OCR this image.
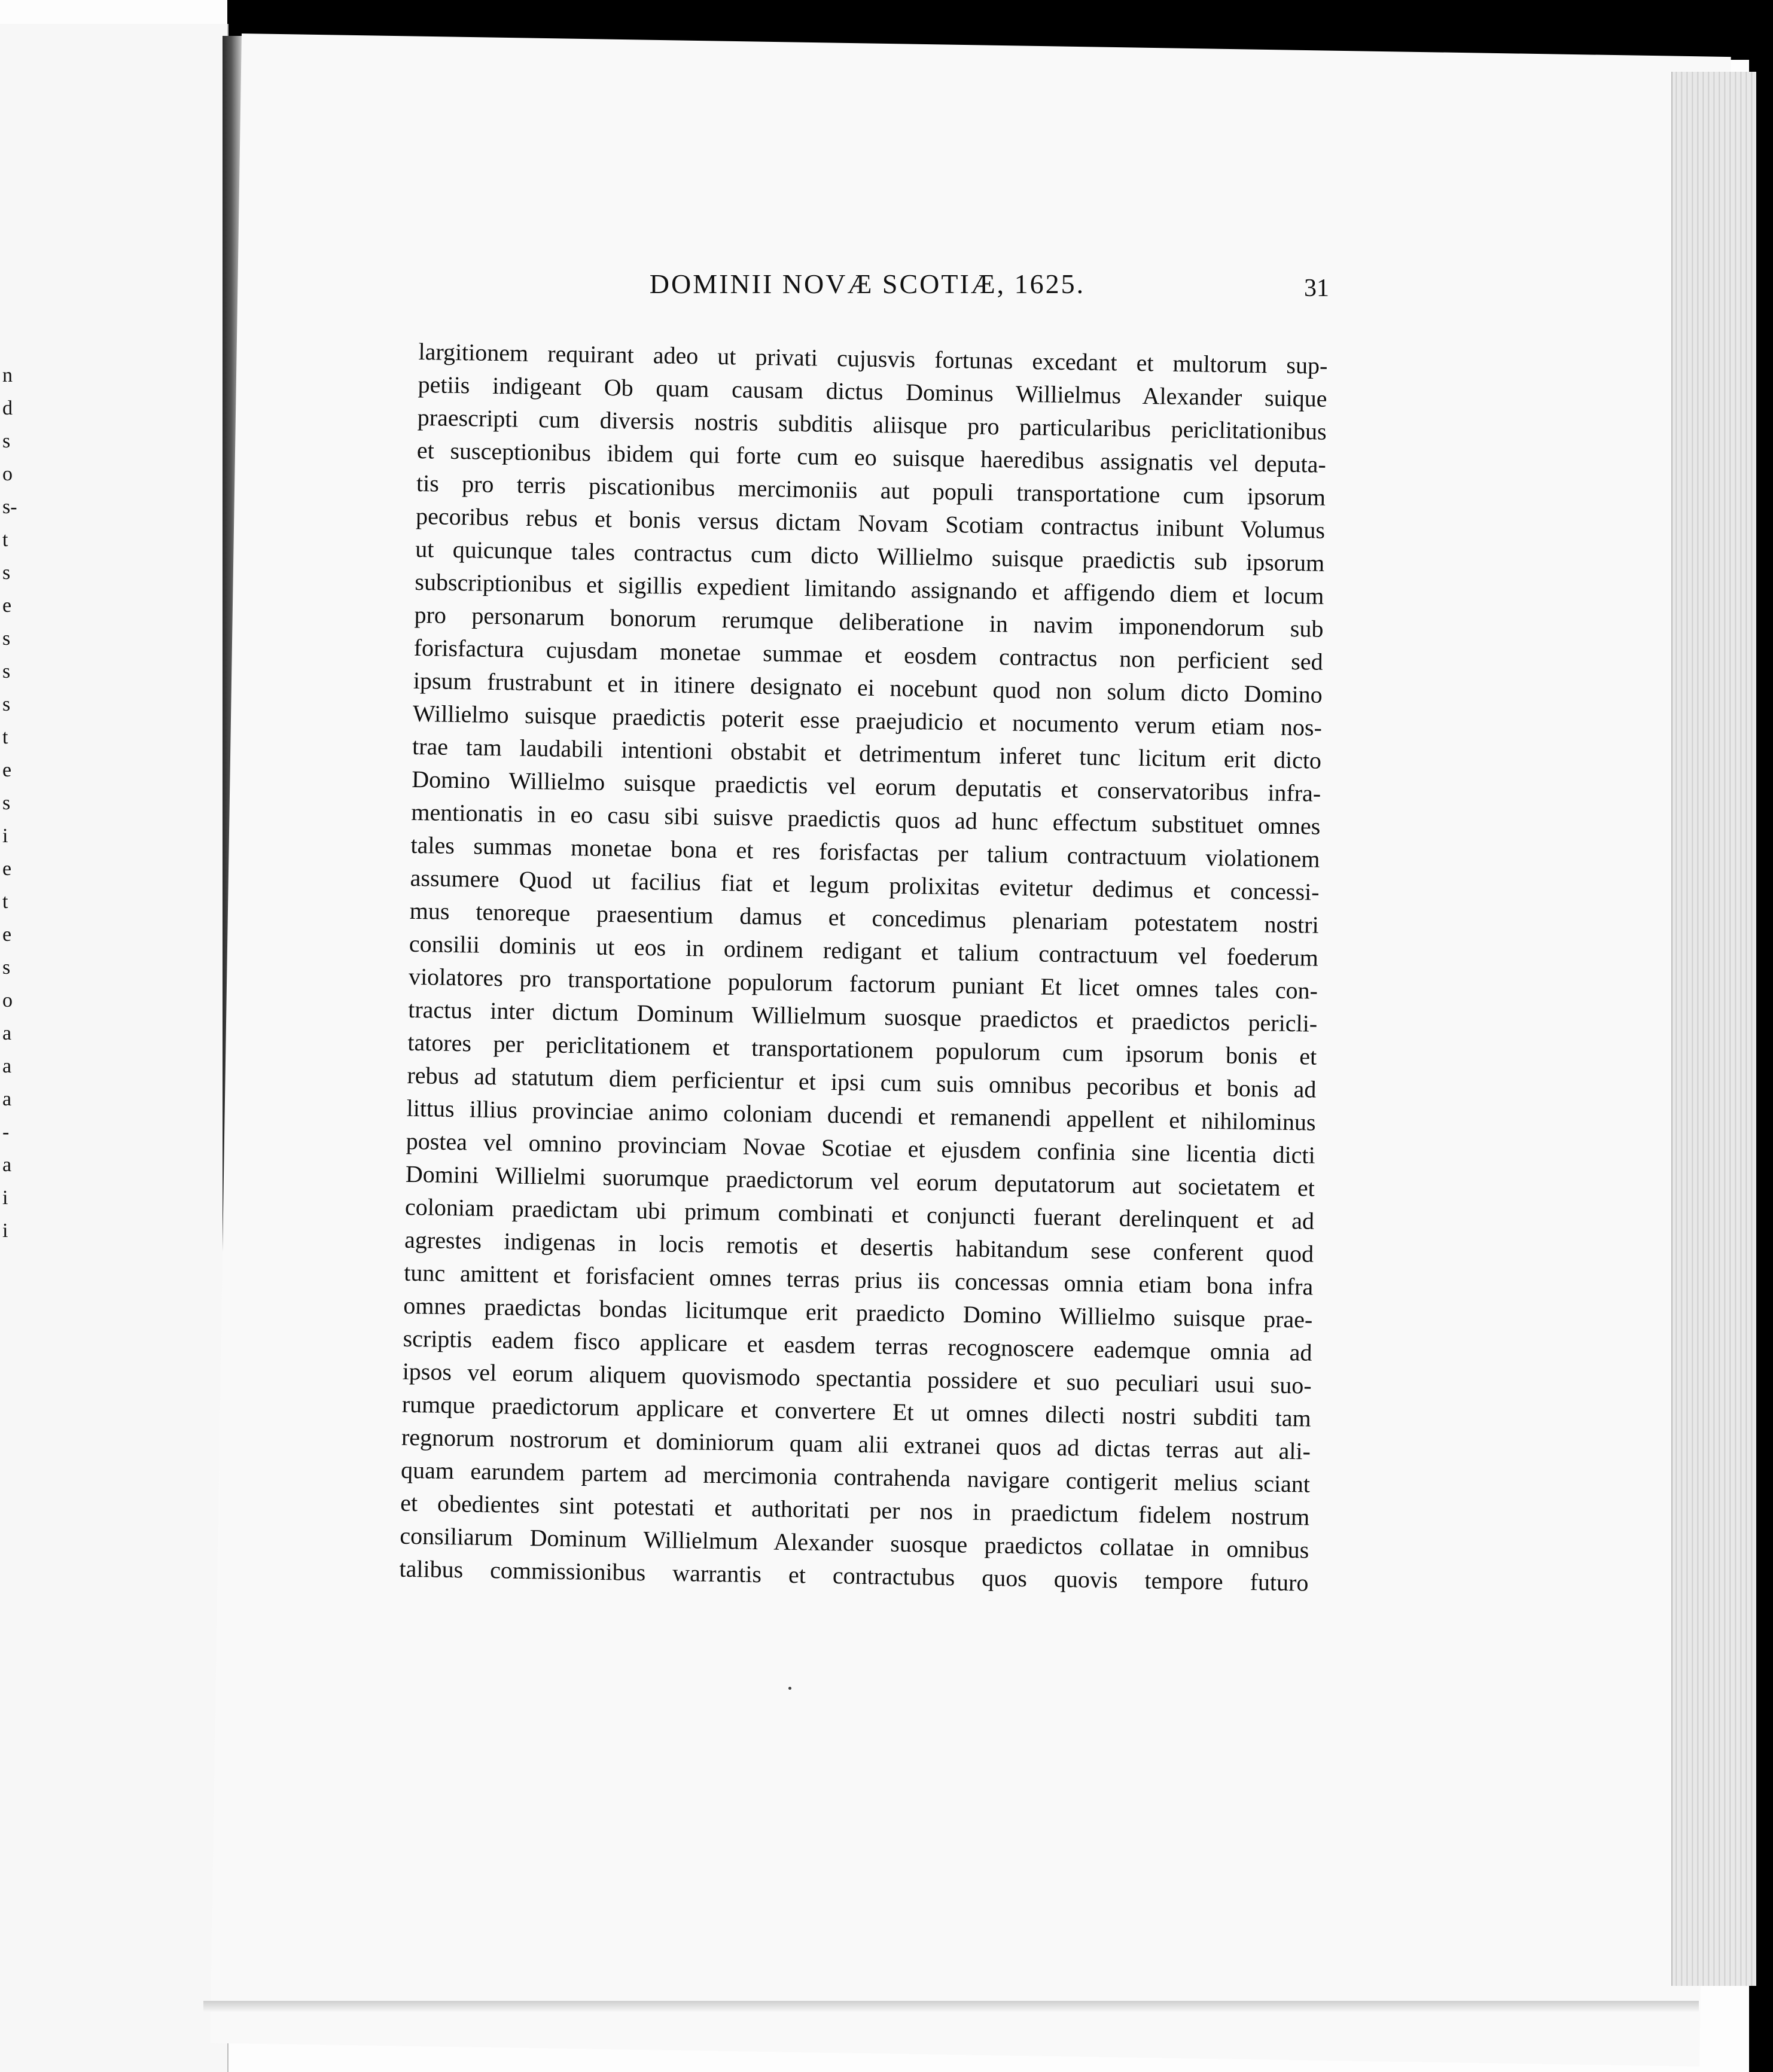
n
d
s
o
s-
t
s
e
s
s
s
t
e
s
i
e
t
e
s
o
a
a
a
-
a
i
i
DOMINII NOVÆ SCOTIÆ, 1625.	31
largitionem requirant adeo ut privati cujusvis fortunas excedant et multorum sup-
petiis indigeant Ob quam causam dictus Dominus Willielmus Alexander suique
praescripti cum diversis nostris subditis aliisque pro particularibus periclitationibus
et susceptionibus ibidem qui forte cum eo suisque haeredibus assignatis vel deputa-
tis pro terris piscationibus mercimoniis aut populi transportatione cum ipsorum
pecoribus rebus et bonis versus dictam Novam Scotiam contractus inibunt Volumus
ut quicunque tales contractus cum dicto Willielmo suisque praedictis sub ipsorum
subscriptionibus et sigillis expedient limitando assignando et affigendo diem et locum
pro personarum bonorum rerumque deliberatione in navim imponendorum sub
forisfactura cujusdam monetae summae et eosdem contractus non perficient sed
ipsum frustrabunt et in itinere designato ei nocebunt quod non solum dicto Domino
Willielmo suisque praedictis poterit esse praejudicio et nocumento verum etiam nos-
trae tam laudabili intentioni obstabit et detrimentum inferet tunc licitum erit dicto
Domino Willielmo suisque praedictis vel eorum deputatis et conservatoribus infra-
mentionatis in eo casu sibi suisve praedictis quos ad hunc effectum substituet omnes
tales summas monetae bona et res forisfactas per talium contractuum violationem
assumere Quod ut facilius fiat et legum prolixitas evitetur dedimus et concessi-
mus tenoreque praesentium damus et concedimus plenariam potestatem nostri
consilii dominis ut eos in ordinem redigant et talium contractuum vel foederum
violatores pro transportatione populorum factorum puniant Et licet omnes tales con-
tractus inter dictum Dominum Willielmum suosque praedictos et praedictos pericli-
tatores per periclitationem et transportationem populorum cum ipsorum bonis et
rebus ad statutum diem perficientur et ipsi cum suis omnibus pecoribus et bonis ad
littus illius provinciae animo coloniam ducendi et remanendi appellent et nihilominus
postea vel omnino provinciam Novae Scotiae et ejusdem confinia sine licentia dicti
Domini Willielmi suorumque praedictorum vel eorum deputatorum aut societatem et
coloniam praedictam ubi primum combinati et conjuncti fuerant derelinquent et ad
agrestes indigenas in locis remotis et desertis habitandum sese conferent quod
tunc amittent et forisfacient omnes terras prius iis concessas omnia etiam bona infra
omnes praedictas bondas licitumque erit praedicto Domino Willielmo suisque prae-
scriptis eadem fisco applicare et easdem terras recognoscere eademque omnia ad
ipsos vel eorum aliquem quovismodo spectantia possidere et suo peculiari usui suo-
rumque praedictorum applicare et convertere Et ut omnes dilecti nostri subditi tam
regnorum nostrorum et dominiorum quam alii extranei quos ad dictas terras aut ali-
quam earundem partem ad mercimonia contrahenda navigare contigerit melius sciant
et obedientes sint potestati et authoritati per nos in praedictum fidelem nostrum
consiliarum Dominum Willielmum Alexander suosque praedictos collatae in omnibus
talibus commissionibus warrantis et contractubus quos quovis tempore futuro
